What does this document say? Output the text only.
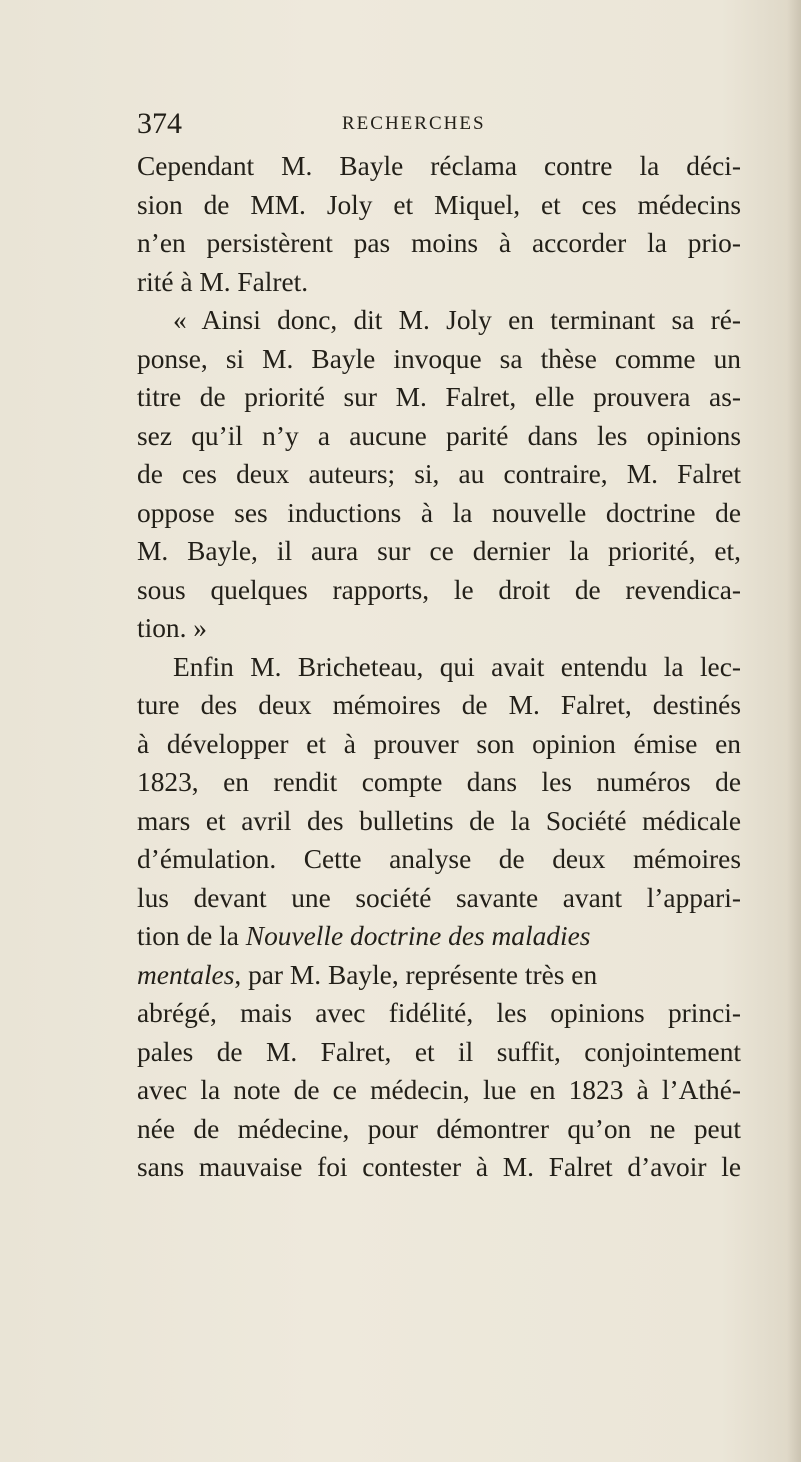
374	RECHERCHES
Cependant M. Bayle réclama contre la déci-
sion de MM. Joly et Miquel, et ces médecins
n’en persistèrent pas moins à accorder la prio-
rité à M. Falret.
« Ainsi donc, dit M. Joly en terminant sa ré-
ponse, si M. Bayle invoque sa thèse comme un
titre de priorité sur M. Falret, elle prouvera as-
sez qu’il n’y a aucune parité dans les opinions
de ces deux auteurs; si, au contraire, M. Falret
oppose ses inductions à la nouvelle doctrine de
M. Bayle, il aura sur ce dernier la priorité, et,
sous quelques rapports, le droit de revendica-
tion. »
Enfin M. Bricheteau, qui avait entendu la lec-
ture des deux mémoires de M. Falret, destinés
à développer et à prouver son opinion émise en
1823, en rendit compte dans les numéros de
mars et avril des bulletins de la Société médicale
d’émulation. Cette analyse de deux mémoires
lus devant une société savante avant l’appari-
tion de la Nouvelle doctrine des maladies
mentales, par M. Bayle, représente très en
abrégé, mais avec fidélité, les opinions princi-
pales de M. Falret, et il suffit, conjointement
avec la note de ce médecin, lue en 1823 à l’Athé-
née de médecine, pour démontrer qu’on ne peut
sans mauvaise foi contester à M. Falret d’avoir le
